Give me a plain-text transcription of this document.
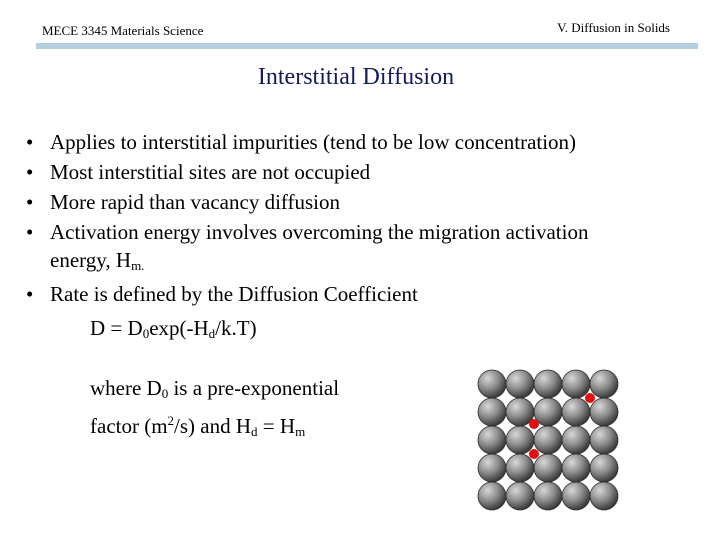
MECE 3345 Materials Science	V. Diffusion in Solids
Interstitial Diffusion
• Applies to interstitial impurities (tend to be low concentration)
• Most interstitial sites are not occupied
• More rapid than vacancy diffusion
• Activation energy involves overcoming the migration activation
energy, $H_{m.}$
• Rate is defined by the Diffusion Coefficient
$D = D_0\exp(-H_d/k.T)$
where $D_0$ is a pre-exponential
factor $(m^2/s)$ and $H_d = H_m$
